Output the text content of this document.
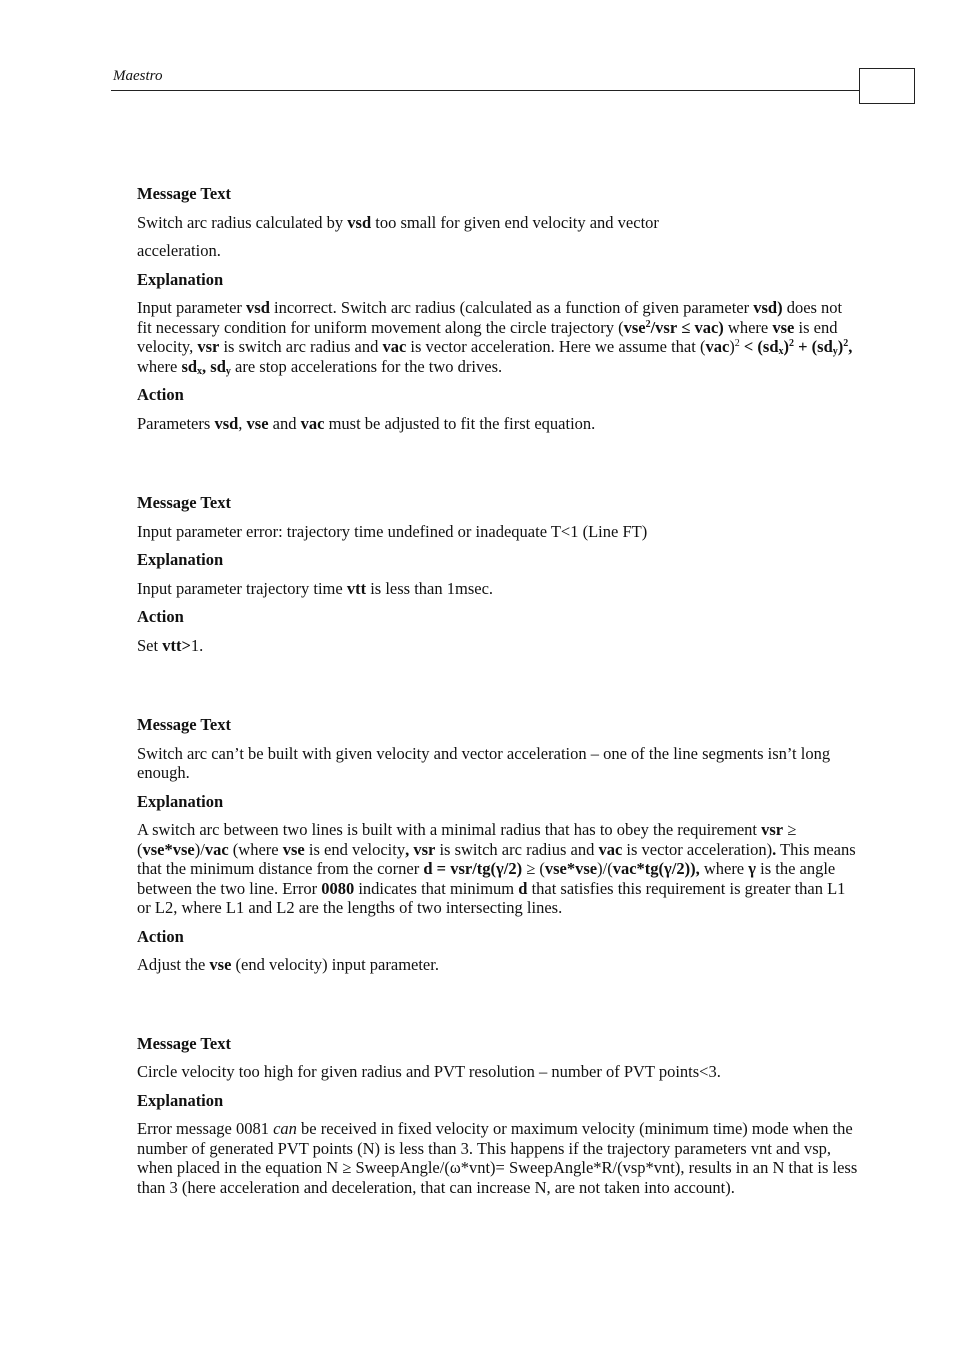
Maestro
Message Text
Switch arc radius calculated by vsd too small for given end velocity and vector
acceleration.
Explanation
Input parameter vsd incorrect. Switch arc radius (calculated as a function of given parameter vsd) does not fit necessary condition for uniform movement along the circle trajectory (vse$^2$/vsr ≤ vac) where vse is end velocity, vsr is switch arc radius and vac is vector acceleration. Here we assume that $(vac)^2 < (sd_x)^2 + (sd_y)^2$, where $sd_x$, $sd_y$ are stop accelerations for the two drives.
Action
Parameters vsd, vse and vac must be adjusted to fit the first equation.
Message Text
Input parameter error: trajectory time undefined or inadequate T<1 (Line FT)
Explanation
Input parameter trajectory time vtt is less than 1msec.
Action
Set vtt>1.
Message Text
Switch arc can’t be built with given velocity and vector acceleration – one of the line segments isn’t long enough.
Explanation
A switch arc between two lines is built with a minimal radius that has to obey the requirement vsr ≥ (vse*vse)/vac (where vse is end velocity, vsr is switch arc radius and vac is vector acceleration). This means that the minimum distance from the corner d = vsr/tg(γ/2) ≥ (vse*vse)/(vac*tg(γ/2)), where γ is the angle between the two line. Error 0080 indicates that minimum d that satisfies this requirement is greater than L1 or L2, where L1 and L2 are the lengths of two intersecting lines.
Action
Adjust the vse (end velocity) input parameter.
Message Text
Circle velocity too high for given radius and PVT resolution – number of PVT points<3.
Explanation
Error message 0081 can be received in fixed velocity or maximum velocity (minimum time) mode when the number of generated PVT points (N) is less than 3. This happens if the trajectory parameters vnt and vsp, when placed in the equation N ≥ SweepAngle/(ω*vnt)= SweepAngle*R/(vsp*vnt), results in an N that is less than 3 (here acceleration and deceleration, that can increase N, are not taken into account).
